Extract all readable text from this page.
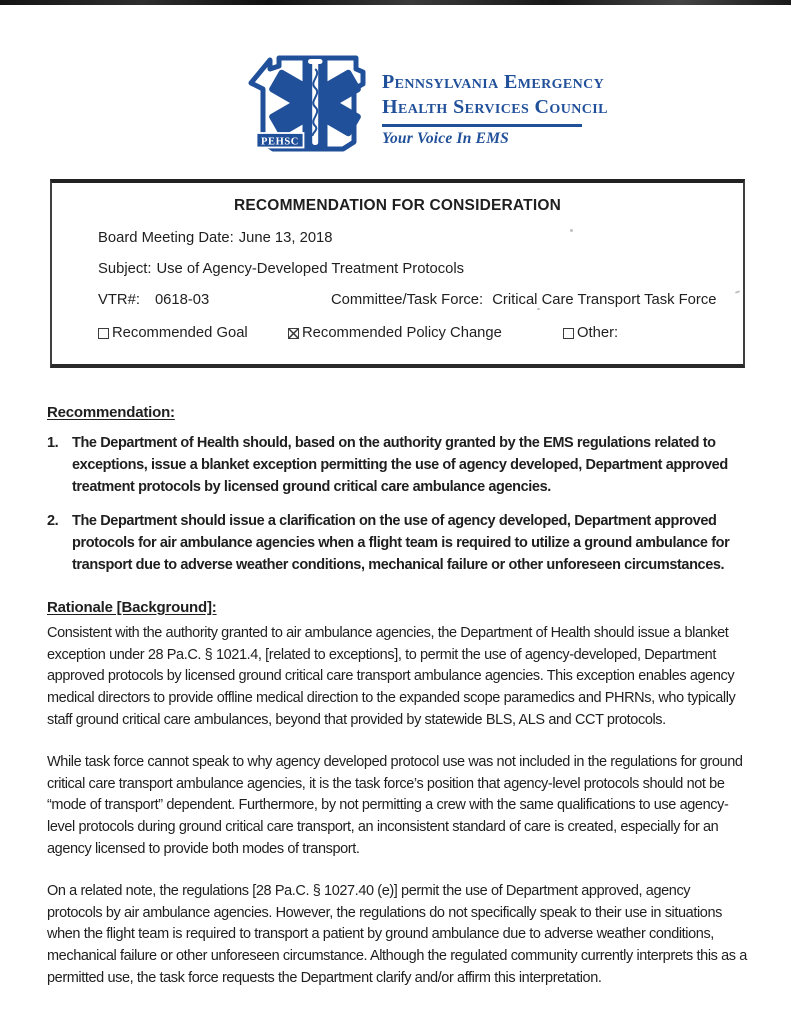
PEHSC
Pennsylvania Emergency
Health Services Council
Your Voice In EMS
RECOMMENDATION FOR CONSIDERATION
Board Meeting Date: June 13, 2018
Subject: Use of Agency-Developed Treatment Protocols
VTR#: 0618-03	Committee/Task Force: Critical Care Transport Task Force
Recommended Goal	Recommended Policy Change	Other:
Recommendation:
1. The Department of Health should, based on the authority granted by the EMS regulations related to exceptions, issue a blanket exception permitting the use of agency developed, Department approved treatment protocols by licensed ground critical care ambulance agencies.
2. The Department should issue a clarification on the use of agency developed, Department approved protocols for air ambulance agencies when a flight team is required to utilize a ground ambulance for transport due to adverse weather conditions, mechanical failure or other unforeseen circumstances.
Rationale [Background]:

Consistent with the authority granted to air ambulance agencies, the Department of Health should issue a blanket exception under 28 Pa.C. § 1021.4, [related to exceptions], to permit the use of agency-developed, Department approved protocols by licensed ground critical care transport ambulance agencies. This exception enables agency medical directors to provide offline medical direction to the expanded scope paramedics and PHRNs, who typically staff ground critical care ambulances, beyond that provided by statewide BLS, ALS and CCT protocols.

While task force cannot speak to why agency developed protocol use was not included in the regulations for ground critical care transport ambulance agencies, it is the task force’s position that agency-level protocols should not be “mode of transport” dependent. Furthermore, by not permitting a crew with the same qualifications to use agency-level protocols during ground critical care transport, an inconsistent standard of care is created, especially for an agency licensed to provide both modes of transport.

On a related note, the regulations [28 Pa.C. § 1027.40 (e)] permit the use of Department approved, agency protocols by air ambulance agencies. However, the regulations do not specifically speak to their use in situations when the flight team is required to transport a patient by ground ambulance due to adverse weather conditions, mechanical failure or other unforeseen circumstance. Although the regulated community currently interprets this as a permitted use, the task force requests the Department clarify and/or affirm this interpretation.
